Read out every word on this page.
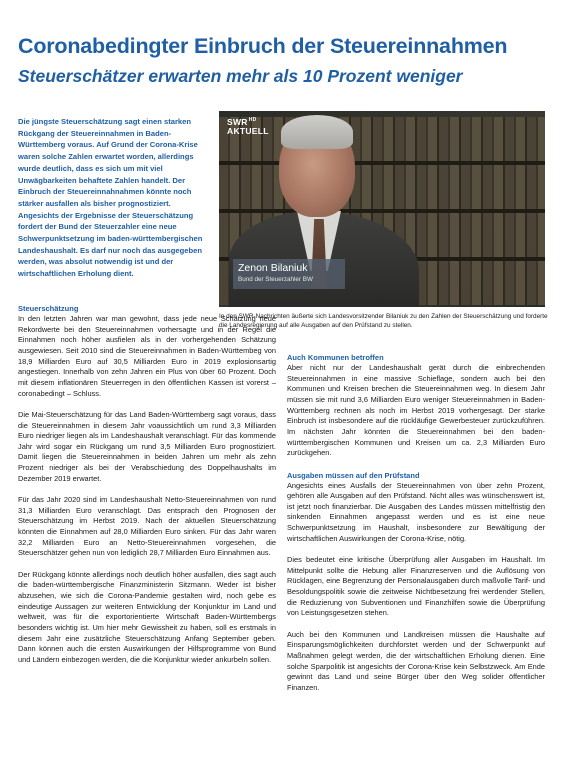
Coronabedingter Einbruch der Steuereinnahmen
Steuerschätzer erwarten mehr als 10 Prozent weniger

Die jüngste Steuerschätzung sagt einen starken Rückgang der Steuereinnahmen in Baden-Württemberg voraus. Auf Grund der Corona-Krise waren solche Zahlen erwartet worden, allerdings wurde deutlich, dass es sich um mit viel Unwägbarkeiten behaftete Zahlen handelt. Der Einbruch der Steuereinnahnahmen könnte noch stärker ausfallen als bisher prognostiziert. Angesichts der Ergebnisse der Steuerschätzung fordert der Bund der Steuerzahler eine neue Schwerpunktsetzung im baden-württembergischen Landeshaushalt. Es darf nur noch das ausgegeben werden, was absolut notwendig ist und der wirtschaftlichen Erholung dient.

$SWR^{HD}$
AKTUELL
Zenon Bilaniuk
Bund der Steuerzahler BW
In den SWR-Nachrichten äußerte sich Landesvorsitzender Bilaniuk zu den Zahlen der Steuerschätzung und forderte die Landesregierung auf alle Ausgaben auf den Prüfstand zu stellen.
Steuerschätzung

In den letzten Jahren war man gewohnt, dass jede neue Schätzung neue Rekordwerte bei den Steuereinnahmen vorhersagte und in der Regel die Einnahmen noch höher ausfielen als in der vorhergehenden Schätzung ausgewiesen. Seit 2010 sind die Steuereinnahmen in Baden-Württembeg von 18,9 Milliarden Euro auf 30,5 Milliarden Euro in 2019 explosionsartig angestiegen. Innerhalb von zehn Jahren ein Plus von über 60 Prozent. Doch mit diesem inflationären Steuerregen in den öffentlichen Kassen ist vorerst – coronabedingt – Schluss.

Die Mai-Steuerschätzung für das Land Baden-Württemberg sagt voraus, dass die Steuereinnahmen in diesem Jahr voaussichtlich um rund 3,3 Milliarden Euro niedriger liegen als im Landeshaushalt veranschlagt. Für das kommende Jahr wird sogar ein Rückgang um rund 3,5 Milliarden Euro prognostiziert. Damit liegen die Steuereinnahmen in beiden Jahren um mehr als zehn Prozent niedriger als bei der Verabschiedung des Doppelhaushalts im Dezember 2019 erwartet.

Für das Jahr 2020 sind im Landeshaushalt Netto-Steuereinnahmen von rund 31,3 Milliarden Euro veranschlagt. Das entsprach den Prognosen der Steuerschätzung im Herbst 2019. Nach der aktuellen Steuerschätzung könnten die Einnahmen auf 28,0 Milliarden Euro sinken. Für das Jahr waren 32,2 Milliarden Euro an Netto-Steuereinnahmen vorgesehen, die Steuerschätzer gehen nun von lediglich 28,7 Milliarden Euro Einnahmen aus.

Der Rückgang könnte allerdings noch deutlich höher ausfallen, dies sagt auch die baden-württembergische Finanzministerin Sitzmann. Weder ist bisher abzusehen, wie sich die Corona-Pandemie gestalten wird, noch gebe es eindeutige Aussagen zur weiteren Entwicklung der Konjunktur im Land und weltweit, was für die exportorientierte Wirtschaft Baden-Württembergs besonders wichtig ist. Um hier mehr Gewissheit zu haben, soll es erstmals in diesem Jahr eine zusätzliche Steuerschätzung Anfang September geben. Dann können auch die ersten Auswirkungen der Hilfsprogramme von Bund und Ländern einbezogen werden, die die Konjunktur wieder ankurbeln sollen.

Auch Kommunen betroffen

Aber nicht nur der Landeshaushalt gerät durch die einbrechenden Steuereinnahmen in eine massive Schieflage, sondern auch bei den Kommunen und Kreisen brechen die Steuereinnahmen weg. In diesem Jahr müssen sie mit rund 3,6 Milliarden Euro weniger Steuereinnahmen in Baden-Württemberg rechnen als noch im Herbst 2019 vorhergesagt. Der starke Einbruch ist insbesondere auf die rückläufige Gewerbesteuer zurückzuführen. Im nächsten Jahr könnten die Steuereinnahmen bei den baden-württembergischen Kommunen und Kreisen um ca. 2,3 Milliarden Euro zurückgehen.

Ausgaben müssen auf den Prüfstand

Angesichts eines Ausfalls der Steuereinnahmen von über zehn Prozent, gehören alle Ausgaben auf den Prüfstand. Nicht alles was wünschenswert ist, ist jetzt noch finanzierbar. Die Ausgaben des Landes müssen mittelfristig den sinkenden Einnahmen angepasst werden und es ist eine neue Schwerpunktsetzung im Haushalt, insbesondere zur Bewältigung der wirtschaftlichen Auswirkungen der Corona-Krise, nötig.

Dies bedeutet eine kritische Überprüfung aller Ausgaben im Haushalt. Im Mittelpunkt sollte die Hebung aller Finanzreserven und die Auflösung von Rücklagen, eine Begrenzung der Personalausgaben durch maßvolle Tarif- und Besoldungspolitik sowie die zeitweise Nichtbesetzung frei werdender Stellen, die Reduzierung von Subventionen und Finanzhilfen sowie die Überprüfung von Leistungsgesetzen stehen.

Auch bei den Kommunen und Landkreisen müssen die Haushalte auf Einsparungsmöglichkeiten durchforstet werden und der Schwerpunkt auf Maßnahmen gelegt werden, die der wirtschaftlichen Erholung dienen. Eine solche Sparpolitik ist angesichts der Corona-Krise kein Selbstzweck. Am Ende gewinnt das Land und seine Bürger über den Weg solider öffentlicher Finanzen.
